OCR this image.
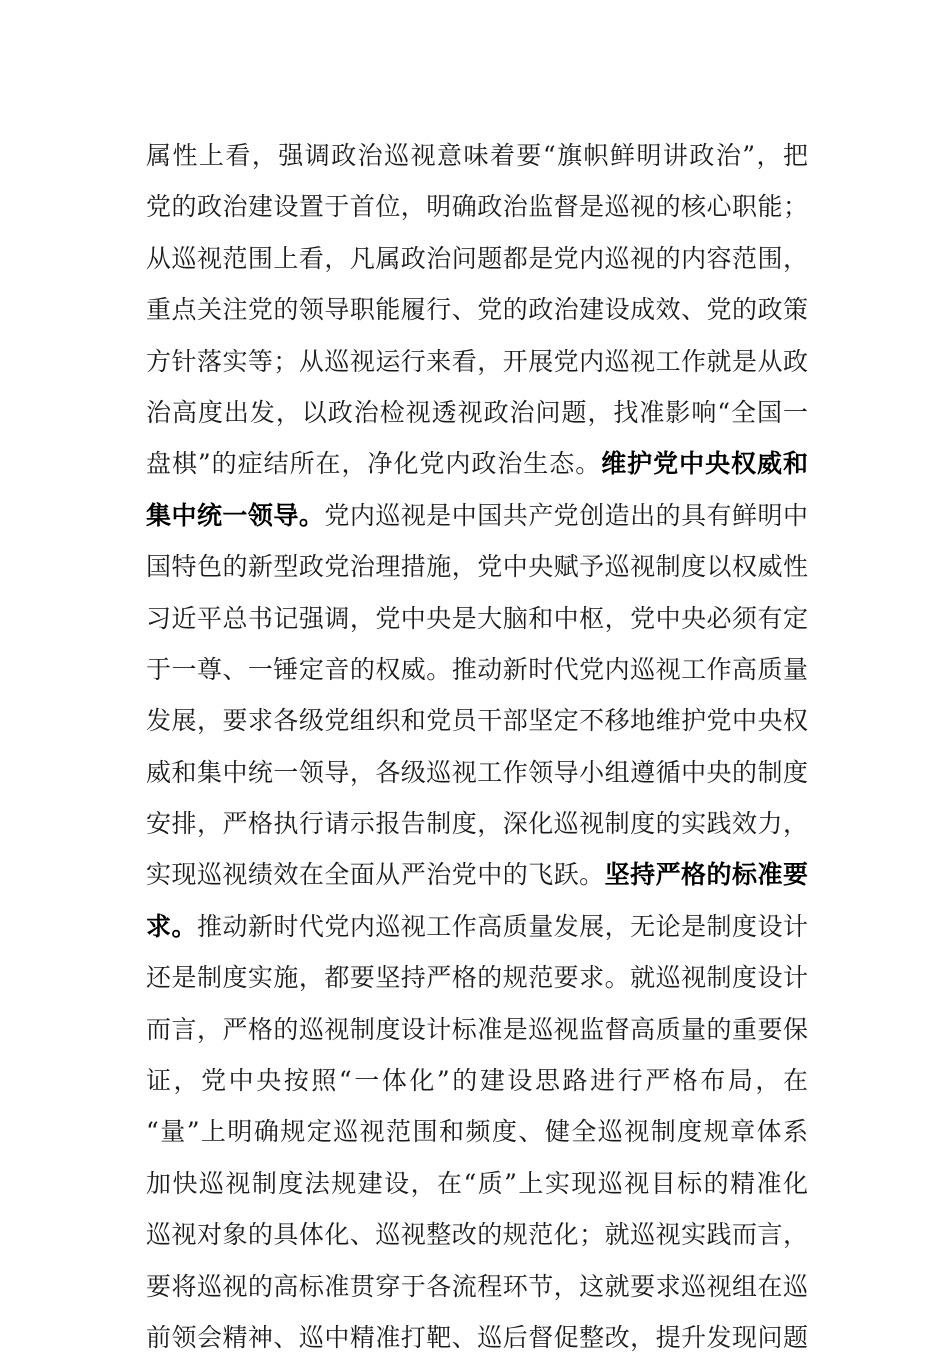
属性上看，强调政治巡视意味着要“旗帜鲜明讲政治”，把
党的政治建设置于首位，明确政治监督是巡视的核心职能；
从巡视范围上看，凡属政治问题都是党内巡视的内容范围，
重点关注党的领导职能履行、党的政治建设成效、党的政策
方针落实等；从巡视运行来看，开展党内巡视工作就是从政
治高度出发，以政治检视透视政治问题，找准影响“全国一
盘棋”的症结所在，净化党内政治生态。维护党中央权威和
集中统一领导。党内巡视是中国共产党创造出的具有鲜明中
国特色的新型政党治理措施，党中央赋予巡视制度以权威性
习近平总书记强调，党中央是大脑和中枢，党中央必须有定
于一尊、一锤定音的权威。推动新时代党内巡视工作高质量
发展，要求各级党组织和党员干部坚定不移地维护党中央权
威和集中统一领导，各级巡视工作领导小组遵循中央的制度
安排，严格执行请示报告制度，深化巡视制度的实践效力，
实现巡视绩效在全面从严治党中的飞跃。坚持严格的标准要
求。推动新时代党内巡视工作高质量发展，无论是制度设计
还是制度实施，都要坚持严格的规范要求。就巡视制度设计
而言，严格的巡视制度设计标准是巡视监督高质量的重要保
证，党中央按照“一体化”的建设思路进行严格布局，在
“量”上明确规定巡视范围和频度、健全巡视制度规章体系
加快巡视制度法规建设，在“质”上实现巡视目标的精准化
巡视对象的具体化、巡视整改的规范化；就巡视实践而言，
要将巡视的高标准贯穿于各流程环节，这就要求巡视组在巡
前领会精神、巡中精准打靶、巡后督促整改，提升发现问题
